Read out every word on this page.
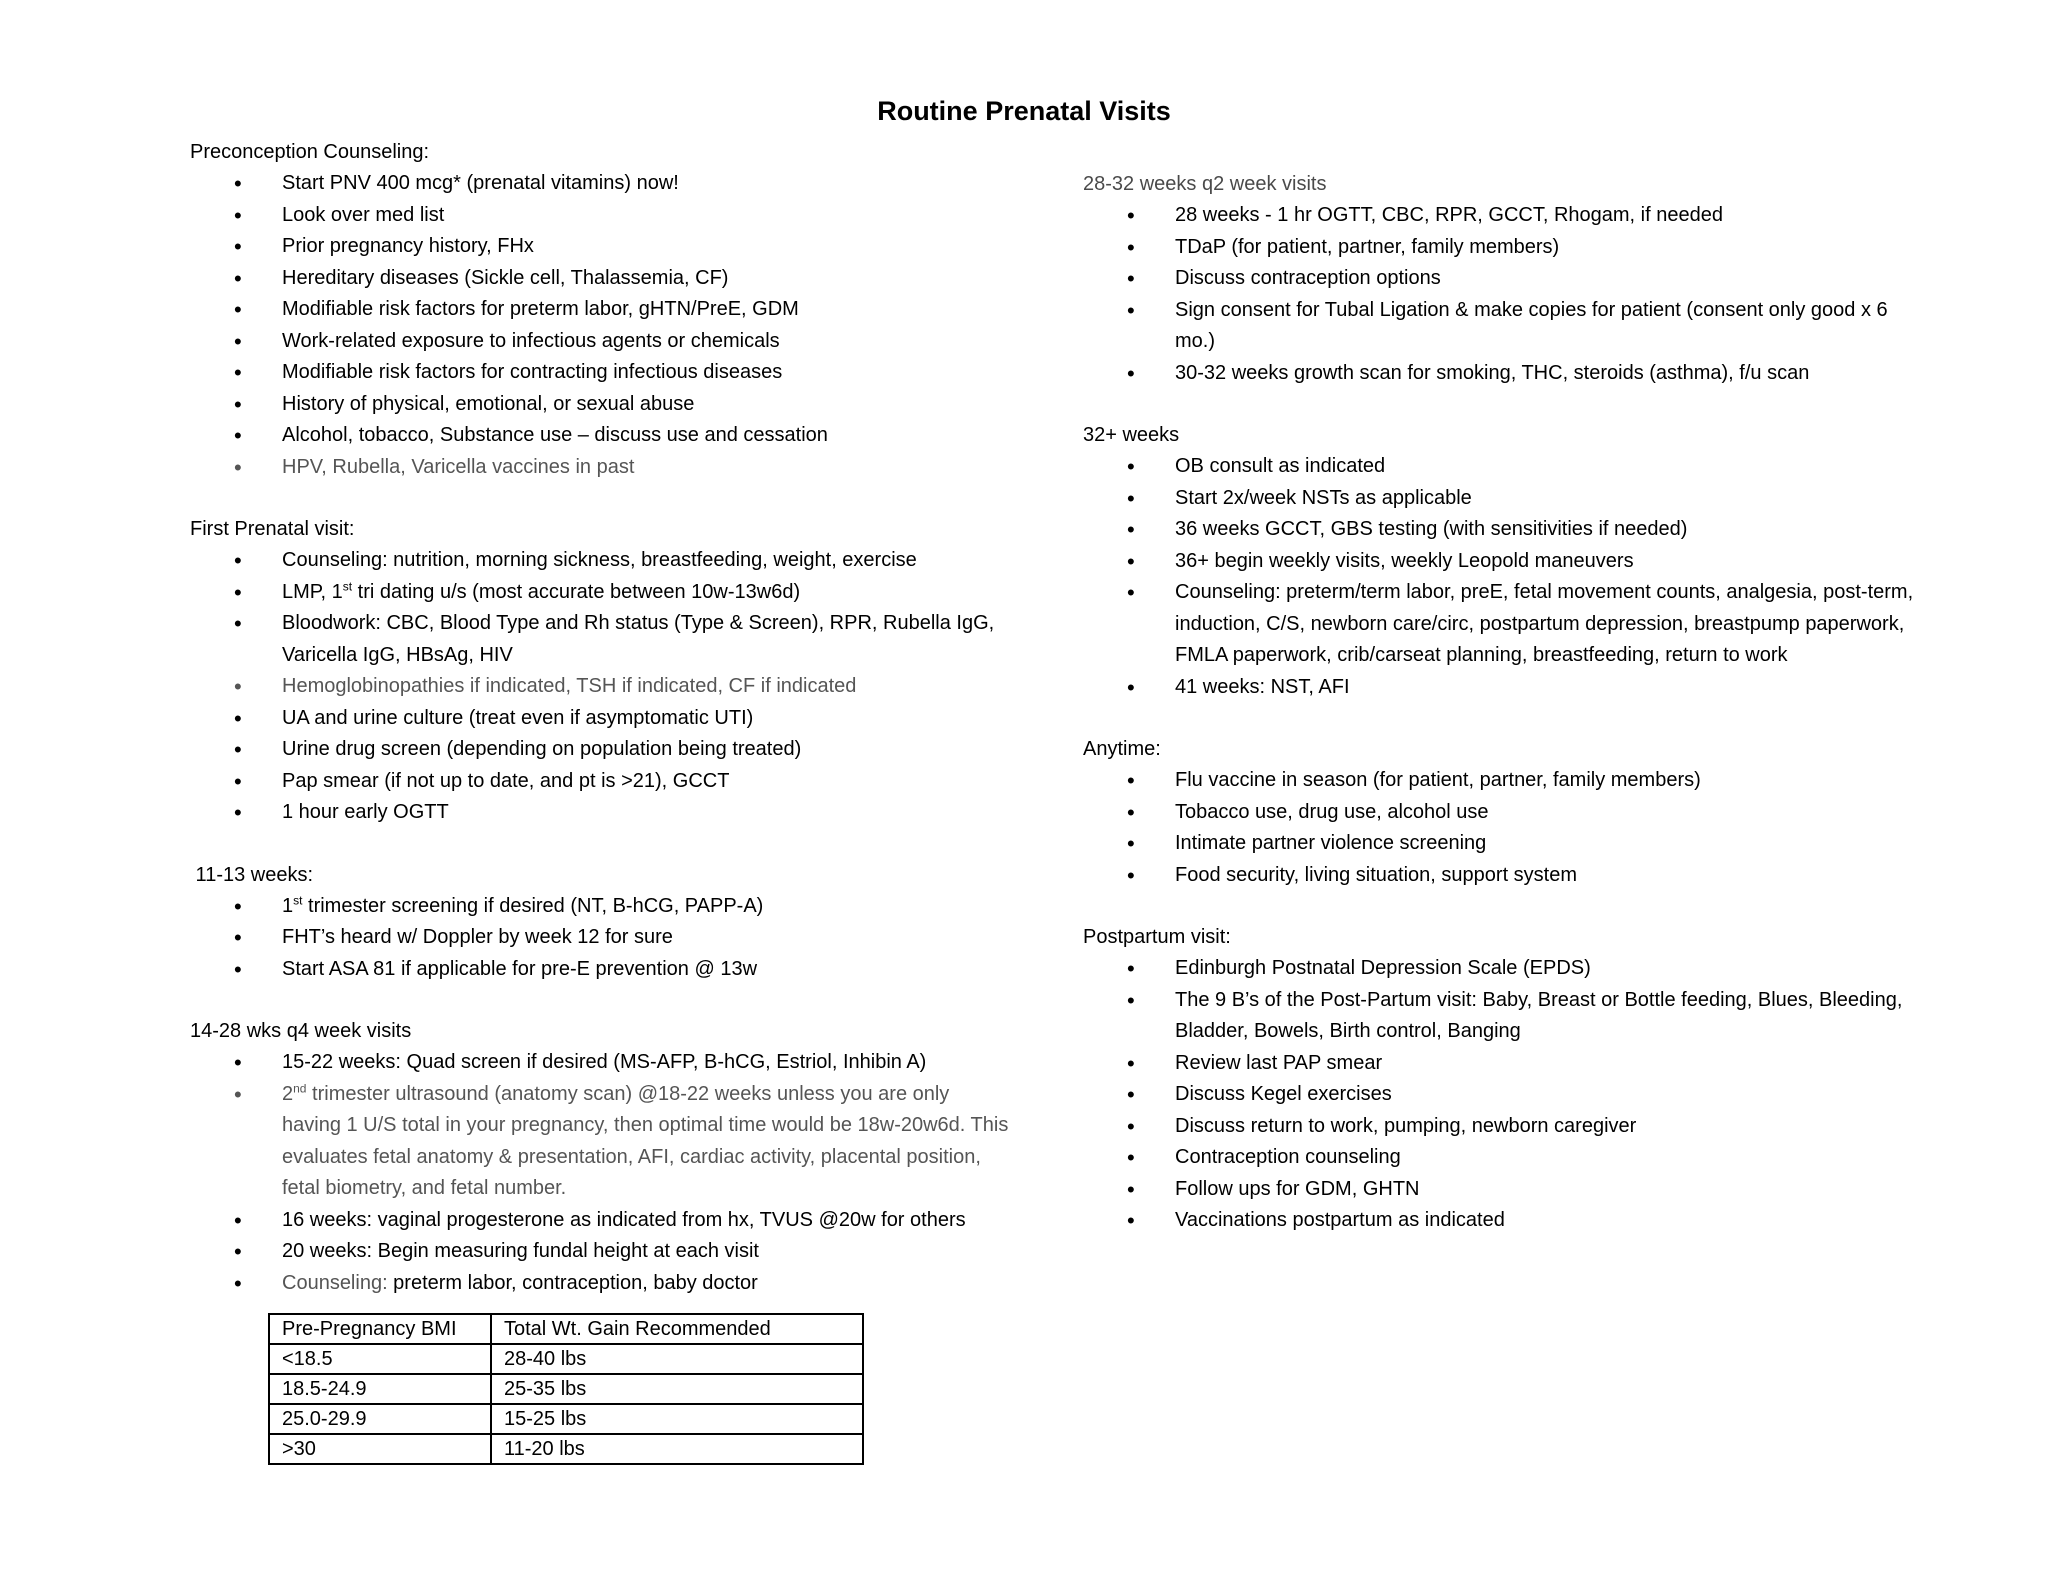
Routine Prenatal Visits

Preconception Counseling:

• Start PNV 400 mcg* (prenatal vitamins) now!
• Look over med list
• Prior pregnancy history, FHx
• Hereditary diseases (Sickle cell, Thalassemia, CF)
• Modifiable risk factors for preterm labor, gHTN/PreE, GDM
• Work-related exposure to infectious agents or chemicals
• Modifiable risk factors for contracting infectious diseases
• History of physical, emotional, or sexual abuse
• Alcohol, tobacco, Substance use – discuss use and cessation
• HPV, Rubella, Varicella vaccines in past

First Prenatal visit:

• Counseling: nutrition, morning sickness, breastfeeding, weight, exercise
• LMP, 1st tri dating u/s (most accurate between 10w-13w6d)
• Bloodwork: CBC, Blood Type and Rh status (Type & Screen), RPR, Rubella IgG, Varicella IgG, HBsAg, HIV
• Hemoglobinopathies if indicated, TSH if indicated, CF if indicated
• UA and urine culture (treat even if asymptomatic UTI)
• Urine drug screen (depending on population being treated)
• Pap smear (if not up to date, and pt is >21), GCCT
• 1 hour early OGTT

11-13 weeks:

• 1st trimester screening if desired (NT, B-hCG, PAPP-A)
• FHT’s heard w/ Doppler by week 12 for sure
• Start ASA 81 if applicable for pre-E prevention @ 13w

14-28 wks q4 week visits

• 15-22 weeks: Quad screen if desired (MS-AFP, B-hCG, Estriol, Inhibin A)
• 2nd trimester ultrasound (anatomy scan) @18-22 weeks unless you are only having 1 U/S total in your pregnancy, then optimal time would be 18w-20w6d. This evaluates fetal anatomy & presentation, AFI, cardiac activity, placental position, fetal biometry, and fetal number.
• 16 weeks: vaginal progesterone as indicated from hx, TVUS @20w for others
• 20 weeks: Begin measuring fundal height at each visit
• Counseling: preterm labor, contraception, baby doctor
Pre-Pregnancy BMI	Total Wt. Gain Recommended
<18.5	28-40 lbs
18.5-24.9	25-35 lbs
25.0-29.9	15-25 lbs
>30	11-20 lbs

28-32 weeks q2 week visits

• 28 weeks - 1 hr OGTT, CBC, RPR, GCCT, Rhogam, if needed
• TDaP (for patient, partner, family members)
• Discuss contraception options
• Sign consent for Tubal Ligation & make copies for patient (consent only good x 6 mo.)
• 30-32 weeks growth scan for smoking, THC, steroids (asthma), f/u scan

32+ weeks

• OB consult as indicated
• Start 2x/week NSTs as applicable
• 36 weeks GCCT, GBS testing (with sensitivities if needed)
• 36+ begin weekly visits, weekly Leopold maneuvers
• Counseling: preterm/term labor, preE, fetal movement counts, analgesia, post-term, induction, C/S, newborn care/circ, postpartum depression, breastpump paperwork, FMLA paperwork, crib/carseat planning, breastfeeding, return to work
• 41 weeks: NST, AFI

Anytime:

• Flu vaccine in season (for patient, partner, family members)
• Tobacco use, drug use, alcohol use
• Intimate partner violence screening
• Food security, living situation, support system

Postpartum visit:

• Edinburgh Postnatal Depression Scale (EPDS)
• The 9 B’s of the Post-Partum visit: Baby, Breast or Bottle feeding, Blues, Bleeding, Bladder, Bowels, Birth control, Banging
• Review last PAP smear
• Discuss Kegel exercises
• Discuss return to work, pumping, newborn caregiver
• Contraception counseling
• Follow ups for GDM, GHTN
• Vaccinations postpartum as indicated
